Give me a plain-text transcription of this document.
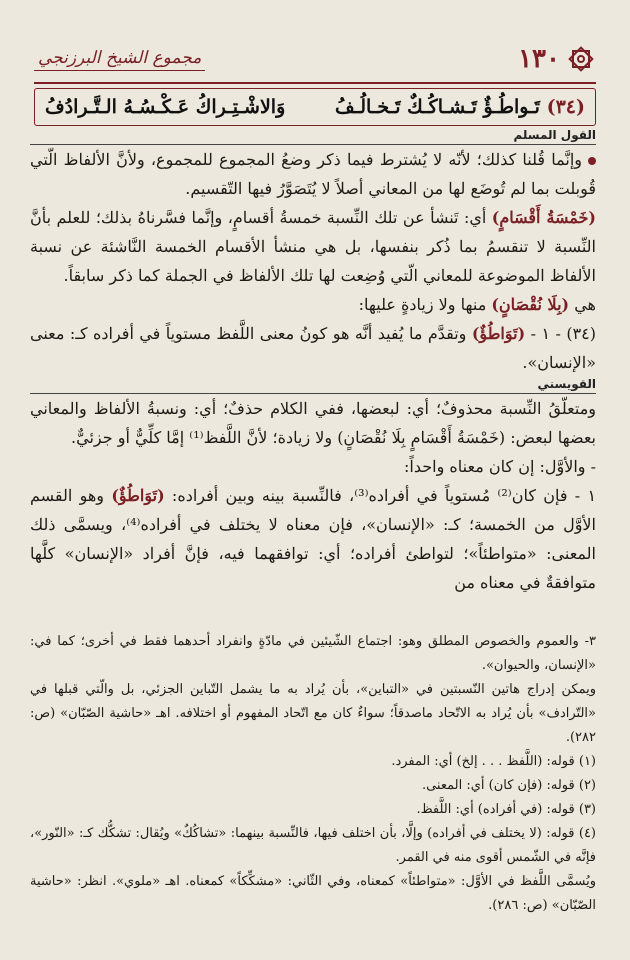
١٣٠
مجموع الشيخ البرزنجي
(٣٤) تَـواطُـؤٌ تَـشـاكُـكٌ تَـخـالُـفُ
وَالاشْـتِـراكُ عَـكْـسُـهُ الـتَّـرادُفُ
القول المسلم

وإنَّما قُلنا كذلك؛ لأنّه لا يُشترط فيما ذكر وضعُ المجموع للمجموع، ولأنَّ الألفاظ الّتي قُوبلت بما لم تُوضَع لها من المعاني أصلاً لا يُتَصَوَّرُ فيها التّقسيم.

(خَمْسَةُ أَقْسَامٍ) أي: تَنشأ عن تلك النِّسبة خمسةُ أقسامٍ، وإنَّما فسَّرناهُ بذلك؛ للعلم بأنَّ النِّسبة لا تنقسمُ بما ذُكر بنفسها، بل هي منشأ الأقسام الخمسة النَّاشئة عن نسبة الألفاظ الموضوعة للمعاني الّتي وُضِعت لها تلك الألفاظ في الجملة كما ذكر سابقاً.

هي (بِلَا نُقْصَانٍ) منها ولا زيادةٍ عليها:

(٣٤) - ١ - (تَوَاطُؤٌ) وتقدَّم ما يُفيد أنَّه هو كونُ معنى اللَّفظ مستوياً في أفراده كـ: معنى «الإنسان».

القويسني

ومتعلّقُ النِّسبة محذوفٌ؛ أي: لبعضها، ففي الكلام حذفٌ؛ أي: ونسبةُ الألفاظ والمعاني بعضها لبعض: (خَمْسَةُ أَقْسَامٍ بِلَا نُقْصَانٍ) ولا زيادة؛ لأنَّ اللَّفظ⁽¹⁾ إمَّا كلِّيٌّ أو جزئيٌّ.

- والأوَّل: إن كان معناه واحداً:

١ - فإن كان⁽²⁾ مُستوياً في أفراده⁽³⁾، فالنِّسبة بينه وبين أفراده: (تَوَاطُؤٌ) وهو القسم الأوَّل من الخمسة؛ كـ: «الإنسان»، فإن معناه لا يختلف في أفراده⁽⁴⁾، ويسمَّى ذلك المعنى: «متواطئاً»؛ لتواطئ أفراده؛ أي: توافقهما فيه، فإنَّ أفراد «الإنسان» كلَّها متوافقةٌ في معناه من

٣- والعموم والخصوص المطلق وهو: اجتماع الشّيئين في مادّةٍ وانفراد أحدهما فقط في أخرى؛ كما في: «الإنسان، والحيوان».

ويمكن إدراج هاتين النّسبتين في «التباين»، بأن يُراد به ما يشمل التّباين الجزئي، بل والّتي قبلها في «التّرادف» بأن يُراد به الاتّحاد ماصدقاً؛ سواءٌ كان مع اتّحاد المفهوم أو اختلافه. اهـ «حاشية الصّبّان» (ص: ٢٨٢).

(١) قوله: (اللَّفظ . . . إلخ) أي: المفرد.

(٢) قوله: (فإن كان) أي: المعنى.

(٣) قوله: (في أفراده) أي: اللَّفظ.

(٤) قوله: (لا يختلف في أفراده) وإلَّا، بأن اختلف فيها، فالنِّسبة بينهما: «تشاكُكٌ» ويُقال: تشكُّك كـ: «النّور»، فإنَّه في الشّمس أقوى منه في القمر.

ويُسمَّى اللَّفظ في الأوَّل: «متواطئاً» كمعناه، وفي الثّاني: «مشكِّكاً» كمعناه. اهـ «ملوي». انظر: «حاشية الصّبّان» (ص: ٢٨٦).
